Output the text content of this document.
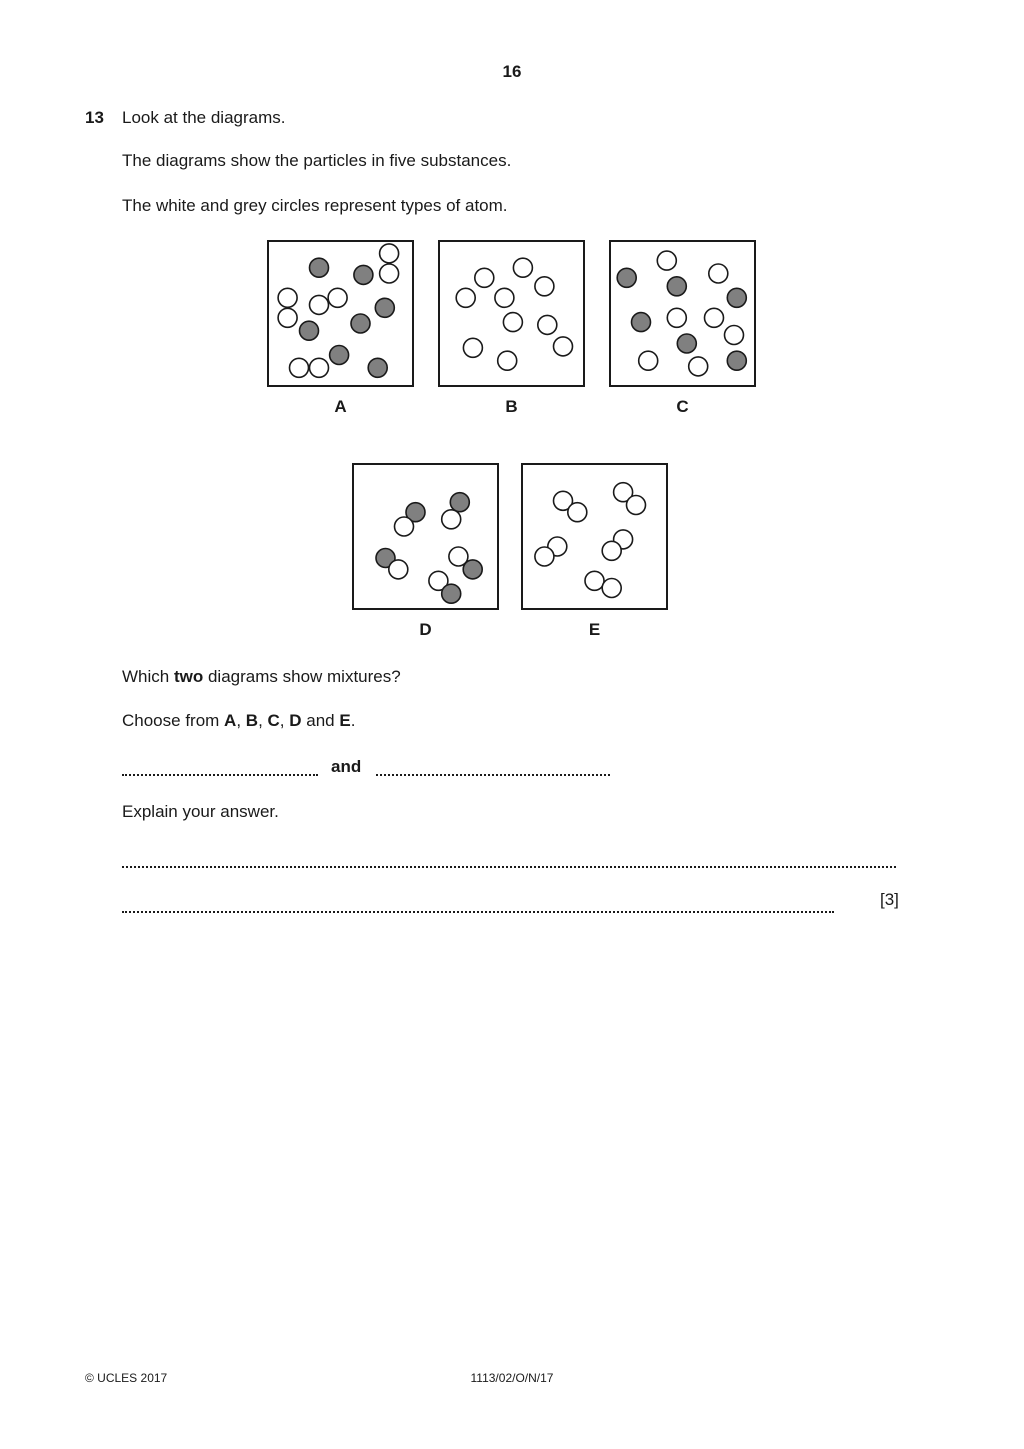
16
13 Look at the diagrams.
The diagrams show the particles in five substances.
The white and grey circles represent types of atom.
A	B	C
D	E
Which two diagrams show mixtures?
Choose from A, B, C, D and E.
and
Explain your answer.
[3]
© UCLES 2017	1113/02/O/N/17
